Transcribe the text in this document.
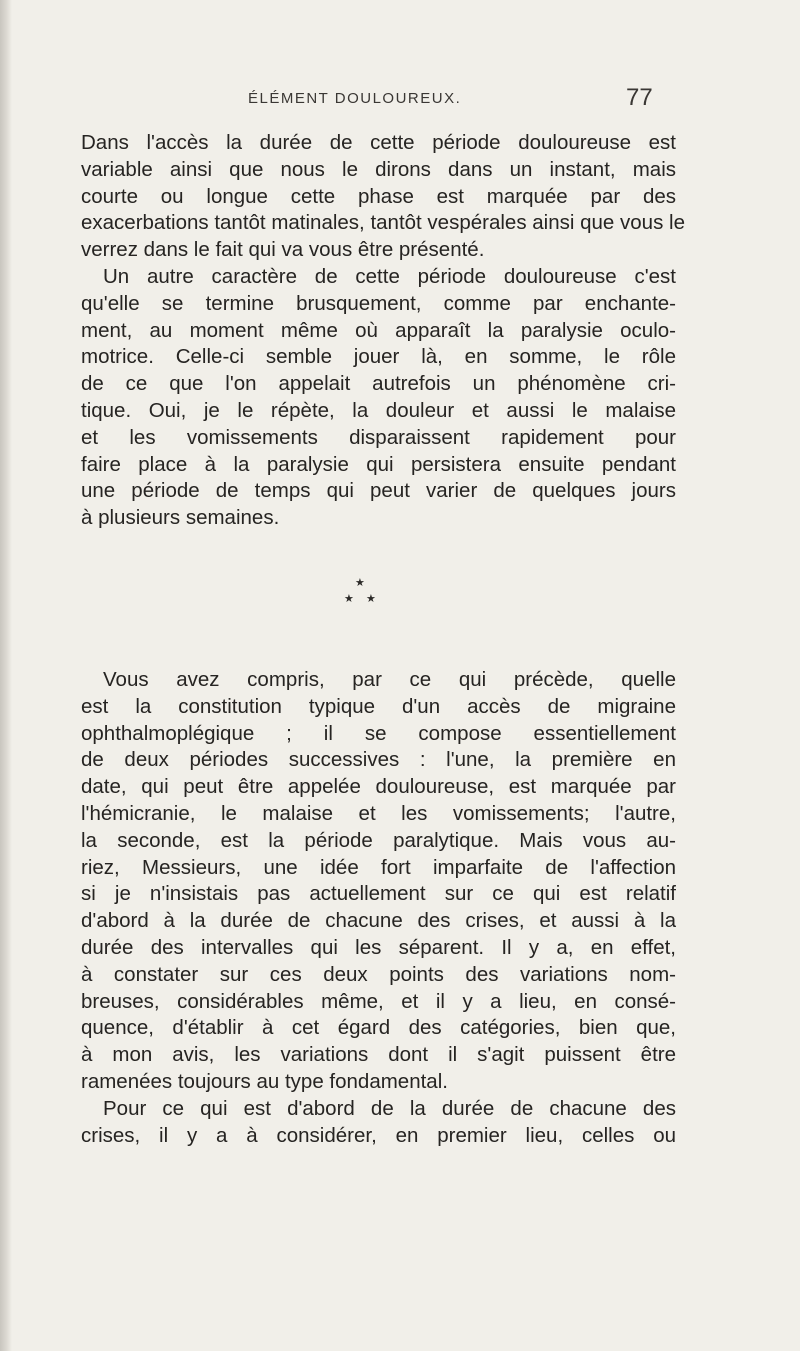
ÉLÉMENT DOULOUREUX.	77
Dans l'accès la durée de cette période douloureuse est
variable ainsi que nous le dirons dans un instant, mais
courte ou longue cette phase est marquée par des
exacerbations tantôt matinales, tantôt vespérales ainsi que vous le
verrez dans le fait qui va vous être présenté.
Un autre caractère de cette période douloureuse c'est
qu'elle se termine brusquement, comme par enchante-
ment, au moment même où apparaît la paralysie oculo-
motrice. Celle-ci semble jouer là, en somme, le rôle
de ce que l'on appelait autrefois un phénomène cri-
tique. Oui, je le répète, la douleur et aussi le malaise
et les vomissements disparaissent rapidement pour
faire place à la paralysie qui persistera ensuite pendant
une période de temps qui peut varier de quelques jours
à plusieurs semaines.
★
★ ★
Vous avez compris, par ce qui précède, quelle
est la constitution typique d'un accès de migraine
ophthalmoplégique ; il se compose essentiellement
de deux périodes successives : l'une, la première en
date, qui peut être appelée douloureuse, est marquée par
l'hémicranie, le malaise et les vomissements; l'autre,
la seconde, est la période paralytique. Mais vous au-
riez, Messieurs, une idée fort imparfaite de l'affection
si je n'insistais pas actuellement sur ce qui est relatif
d'abord à la durée de chacune des crises, et aussi à la
durée des intervalles qui les séparent. Il y a, en effet,
à constater sur ces deux points des variations nom-
breuses, considérables même, et il y a lieu, en consé-
quence, d'établir à cet égard des catégories, bien que,
à mon avis, les variations dont il s'agit puissent être
ramenées toujours au type fondamental.
Pour ce qui est d'abord de la durée de chacune des
crises, il y a à considérer, en premier lieu, celles ou
